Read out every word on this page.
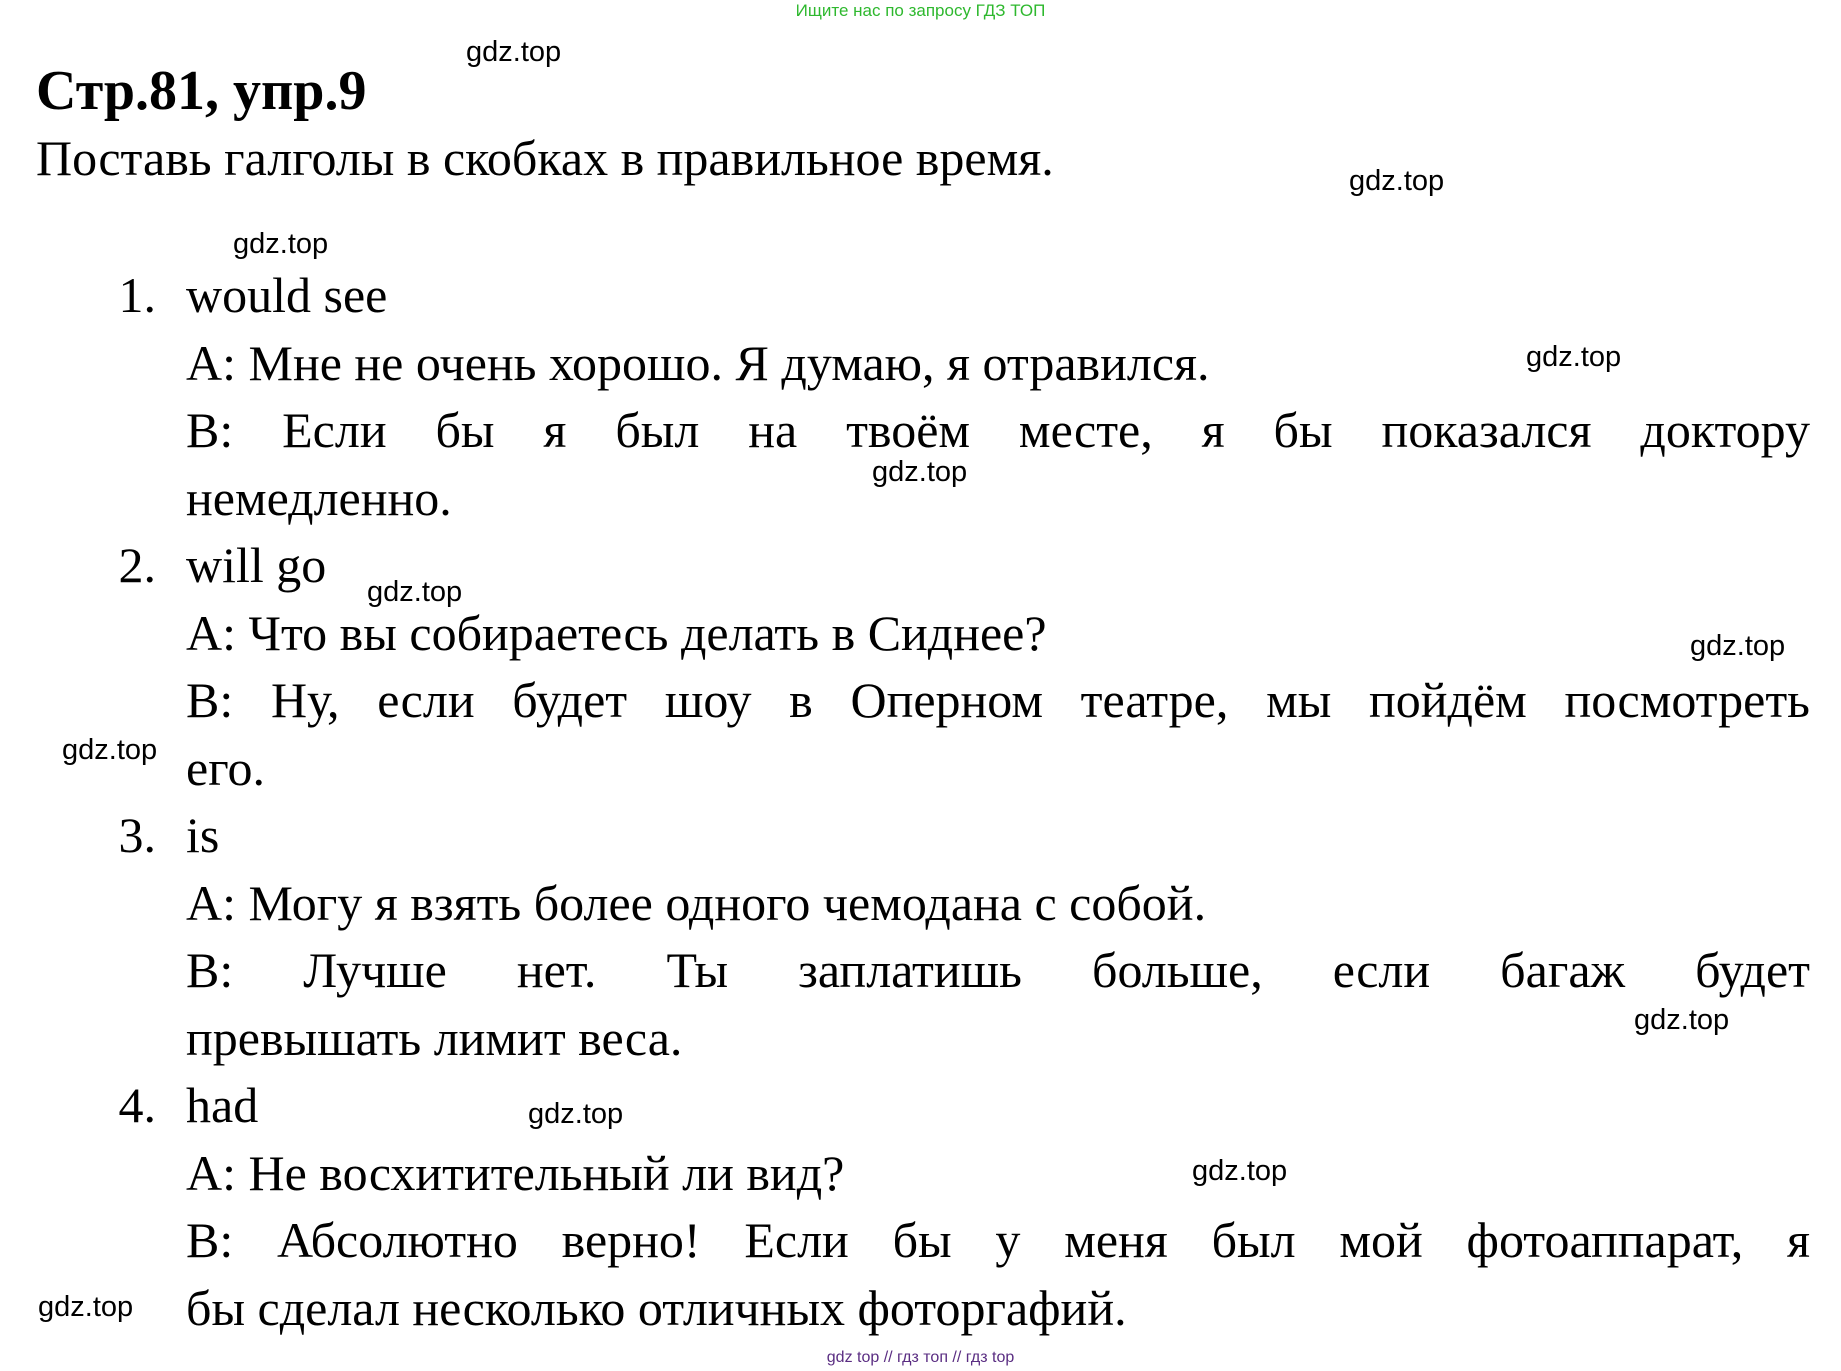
Ищите нас по запросу ГДЗ ТОП
Стр.81, упр.9

Поставь галголы в скобках в правильное время.

1. would see
A: Мне не очень хорошо. Я думаю, я отравился.
B: Если бы я был на твоём месте, я бы показался доктору
немедленно.
2. will go
A: Что вы собираетесь делать в Сиднее?
B: Ну, если будет шоу в Оперном театре, мы пойдём посмотреть
его.
3. is
A: Могу я взять более одного чемодана с собой.
B: Лучше нет. Ты заплатишь больше, если багаж будет
превышать лимит веса.
4. had
A: Не восхитительный ли вид?
B: Абсолютно верно! Если бы у меня был мой фотоаппарат, я
бы сделал несколько отличных фоторгафий.
gdz.top
gdz.top
gdz.top
gdz.top
gdz.top
gdz.top
gdz.top
gdz.top
gdz.top
gdz.top
gdz.top
gdz.top
gdz top // гдз топ // гдз top
